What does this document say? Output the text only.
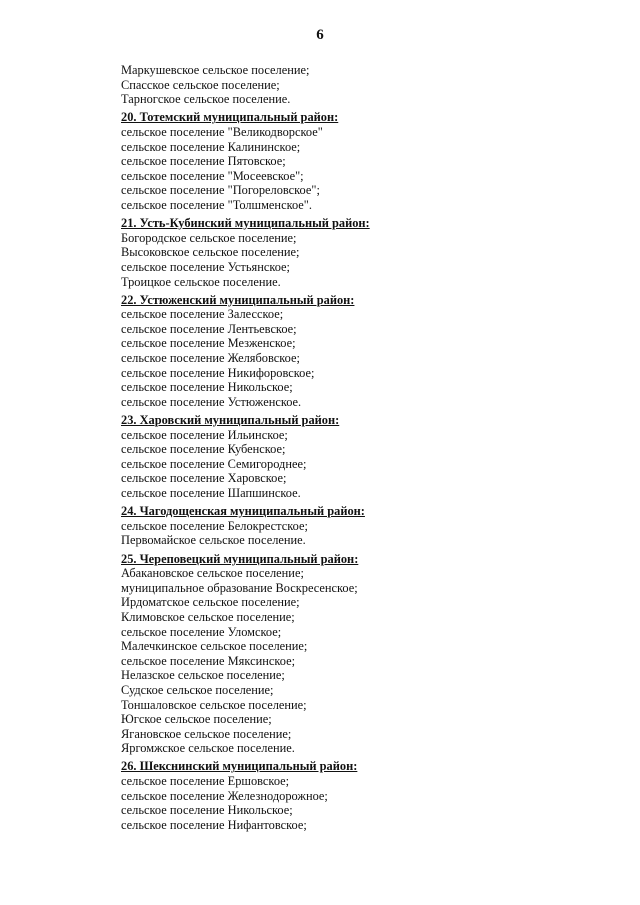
6
Маркушевское сельское поселение;
Спасское сельское поселение;
Тарногское сельское поселение.
20. Тотемский муниципальный район:
сельское поселение "Великодворское"
сельское поселение Калининское;
сельское поселение Пятовское;
сельское поселение "Мосеевское";
сельское поселение "Погореловское";
сельское поселение "Толшменское".
21. Усть-Кубинский муниципальный район:
Богородское сельское поселение;
Высоковское сельское поселение;
сельское поселение Устьянское;
Троицкое сельское поселение.
22. Устюженский муниципальный район:
сельское поселение Залесское;
сельское поселение Лентьевское;
сельское поселение Мезженское;
сельское поселение Желябовское;
сельское поселение Никифоровское;
сельское поселение Никольское;
сельское поселение Устюженское.
23. Харовский муниципальный район:
сельское поселение Ильинское;
сельское поселение Кубенское;
сельское поселение Семигороднее;
сельское поселение Харовское;
сельское поселение Шапшинское.
24. Чагодощенская муниципальный район:
сельское поселение Белокрестское;
Первомайское сельское поселение.
25. Череповецкий муниципальный район:
Абакановское сельское поселение;
муниципальное образование Воскресенское;
Ирдоматское сельское поселение;
Климовское сельское поселение;
сельское поселение Уломское;
Малечкинское сельское поселение;
сельское поселение Мяксинское;
Нелазское сельское поселение;
Судское сельское поселение;
Тоншаловское сельское поселение;
Югское сельское поселение;
Ягановское сельское поселение;
Яргомжское сельское поселение.
26. Шекснинский муниципальный район:
сельское поселение Ершовское;
сельское поселение Железнодорожное;
сельское поселение Никольское;
сельское поселение Нифантовское;
